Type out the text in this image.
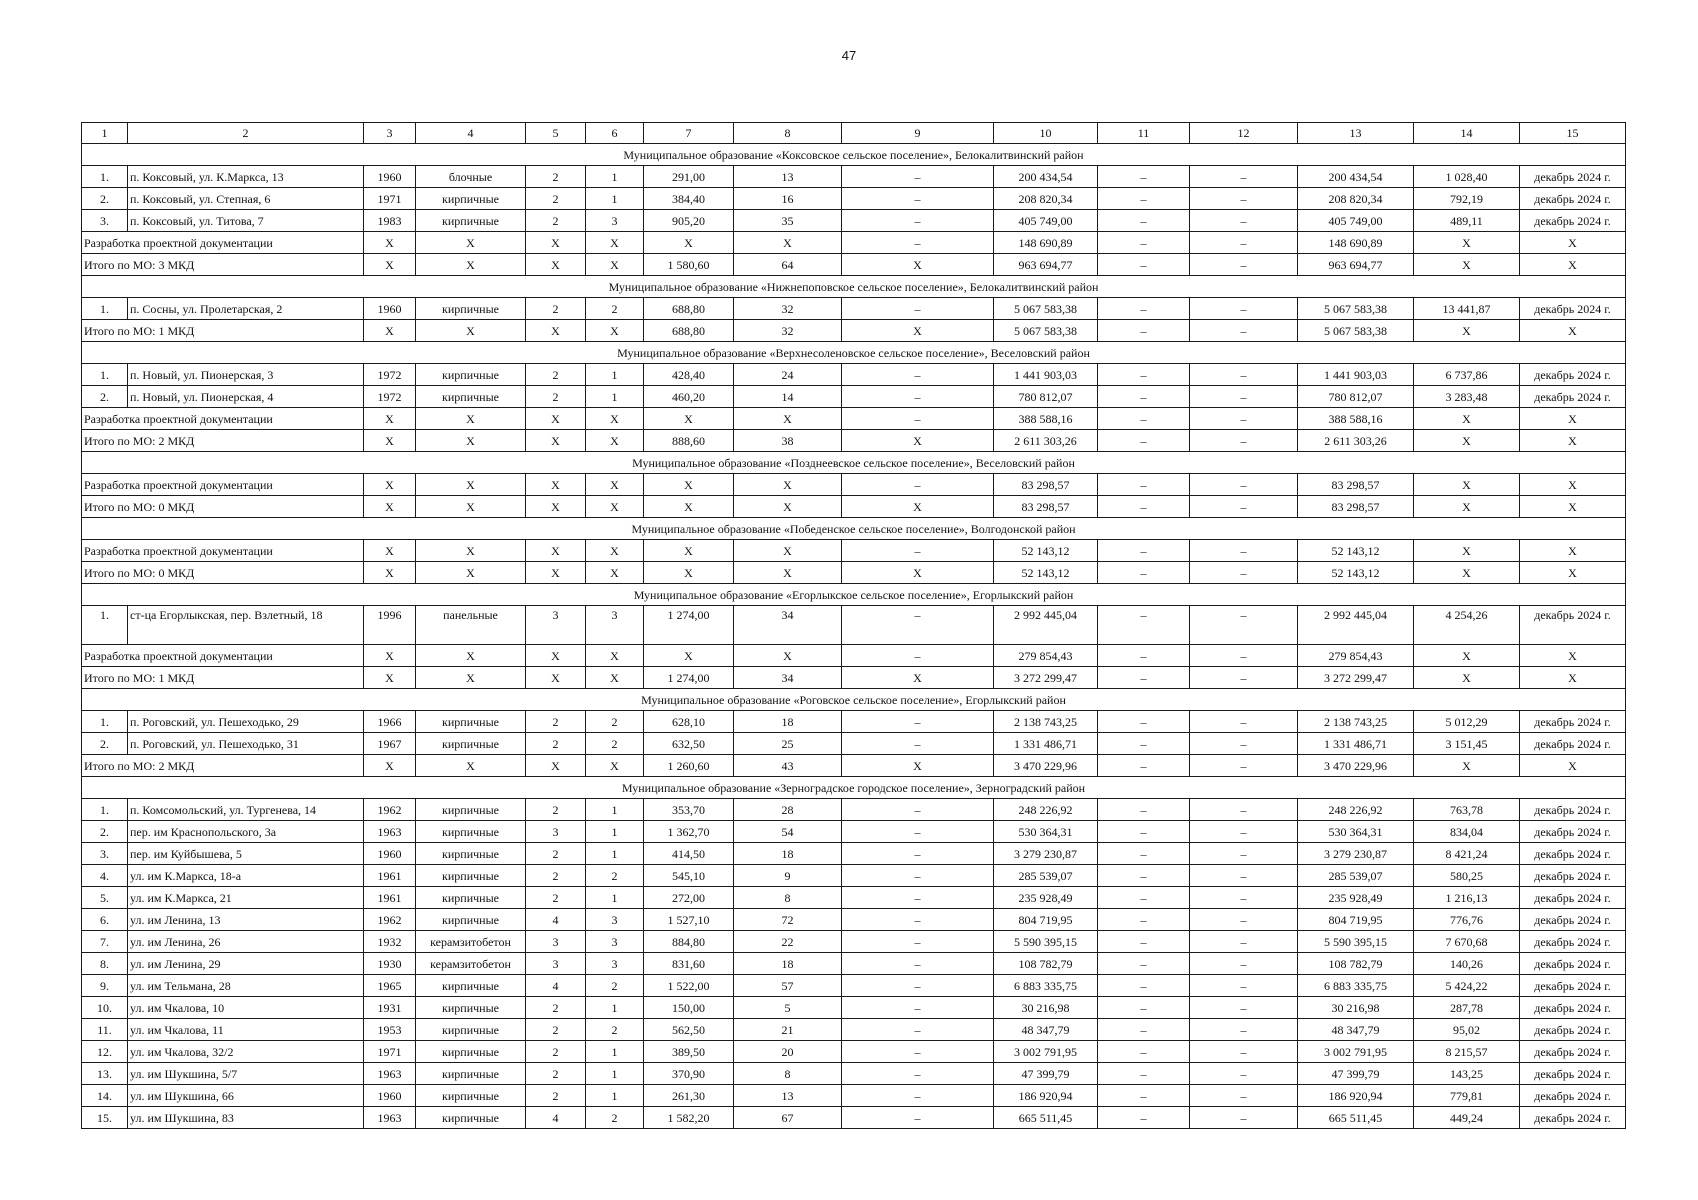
47
1	2	3	4	5	6	7	8	9	10	11	12	13	14	15
Муниципальное образование «Коксовское сельское поселение», Белокалитвинский район														
1.	п. Коксовый, ул. К.Маркса, 13	1960	блочные	2	1	291,00	13	–	200 434,54	–	–	200 434,54	1 028,40	декабрь 2024 г.
2.	п. Коксовый, ул. Степная, 6	1971	кирпичные	2	1	384,40	16	–	208 820,34	–	–	208 820,34	792,19	декабрь 2024 г.
3.	п. Коксовый, ул. Титова, 7	1983	кирпичные	2	3	905,20	35	–	405 749,00	–	–	405 749,00	489,11	декабрь 2024 г.
Разработка проектной документации		Х	Х	Х	Х	Х	Х	–	148 690,89	–	–	148 690,89	Х	Х
Итого по МО: 3 МКД		Х	Х	Х	Х	1 580,60	64	Х	963 694,77	–	–	963 694,77	Х	Х
Муниципальное образование «Нижнепоповское сельское поселение», Белокалитвинский район														
1.	п. Сосны, ул. Пролетарская, 2	1960	кирпичные	2	2	688,80	32	–	5 067 583,38	–	–	5 067 583,38	13 441,87	декабрь 2024 г.
Итого по МО: 1 МКД		Х	Х	Х	Х	688,80	32	Х	5 067 583,38	–	–	5 067 583,38	Х	Х
Муниципальное образование «Верхнесоленовское сельское поселение», Веселовский район														
1.	п. Новый, ул. Пионерская, 3	1972	кирпичные	2	1	428,40	24	–	1 441 903,03	–	–	1 441 903,03	6 737,86	декабрь 2024 г.
2.	п. Новый, ул. Пионерская, 4	1972	кирпичные	2	1	460,20	14	–	780 812,07	–	–	780 812,07	3 283,48	декабрь 2024 г.
Разработка проектной документации		Х	Х	Х	Х	Х	Х	–	388 588,16	–	–	388 588,16	Х	Х
Итого по МО: 2 МКД		Х	Х	Х	Х	888,60	38	Х	2 611 303,26	–	–	2 611 303,26	Х	Х
Муниципальное образование «Позднеевское сельское поселение», Веселовский район														
Разработка проектной документации		Х	Х	Х	Х	Х	Х	–	83 298,57	–	–	83 298,57	Х	Х
Итого по МО: 0 МКД		Х	Х	Х	Х	Х	Х	Х	83 298,57	–	–	83 298,57	Х	Х
Муниципальное образование «Победенское сельское поселение», Волгодонской район														
Разработка проектной документации		Х	Х	Х	Х	Х	Х	–	52 143,12	–	–	52 143,12	Х	Х
Итого по МО: 0 МКД		Х	Х	Х	Х	Х	Х	Х	52 143,12	–	–	52 143,12	Х	Х
Муниципальное образование «Егорлыкское сельское поселение», Егорлыкский район														
1.	ст-ца Егорлыкская, пер. Взлетный, 18	1996	панельные	3	3	1 274,00	34	–	2 992 445,04	–	–	2 992 445,04	4 254,26	декабрь 2024 г.
Разработка проектной документации		Х	Х	Х	Х	Х	Х	–	279 854,43	–	–	279 854,43	Х	Х
Итого по МО: 1 МКД		Х	Х	Х	Х	1 274,00	34	Х	3 272 299,47	–	–	3 272 299,47	Х	Х
Муниципальное образование «Роговское сельское поселение», Егорлыкский район														
1.	п. Роговский, ул. Пешеходько, 29	1966	кирпичные	2	2	628,10	18	–	2 138 743,25	–	–	2 138 743,25	5 012,29	декабрь 2024 г.
2.	п. Роговский, ул. Пешеходько, 31	1967	кирпичные	2	2	632,50	25	–	1 331 486,71	–	–	1 331 486,71	3 151,45	декабрь 2024 г.
Итого по МО: 2 МКД		Х	Х	Х	Х	1 260,60	43	Х	3 470 229,96	–	–	3 470 229,96	Х	Х
Муниципальное образование «Зерноградское городское поселение», Зерноградский район														
1.	п. Комсомольский, ул. Тургенева, 14	1962	кирпичные	2	1	353,70	28	–	248 226,92	–	–	248 226,92	763,78	декабрь 2024 г.
2.	пер. им Краснопольского, 3а	1963	кирпичные	3	1	1 362,70	54	–	530 364,31	–	–	530 364,31	834,04	декабрь 2024 г.
3.	пер. им Куйбышева, 5	1960	кирпичные	2	1	414,50	18	–	3 279 230,87	–	–	3 279 230,87	8 421,24	декабрь 2024 г.
4.	ул. им К.Маркса, 18-а	1961	кирпичные	2	2	545,10	9	–	285 539,07	–	–	285 539,07	580,25	декабрь 2024 г.
5.	ул. им К.Маркса, 21	1961	кирпичные	2	1	272,00	8	–	235 928,49	–	–	235 928,49	1 216,13	декабрь 2024 г.
6.	ул. им Ленина, 13	1962	кирпичные	4	3	1 527,10	72	–	804 719,95	–	–	804 719,95	776,76	декабрь 2024 г.
7.	ул. им Ленина, 26	1932	керамзитобетон	3	3	884,80	22	–	5 590 395,15	–	–	5 590 395,15	7 670,68	декабрь 2024 г.
8.	ул. им Ленина, 29	1930	керамзитобетон	3	3	831,60	18	–	108 782,79	–	–	108 782,79	140,26	декабрь 2024 г.
9.	ул. им Тельмана, 28	1965	кирпичные	4	2	1 522,00	57	–	6 883 335,75	–	–	6 883 335,75	5 424,22	декабрь 2024 г.
10.	ул. им Чкалова, 10	1931	кирпичные	2	1	150,00	5	–	30 216,98	–	–	30 216,98	287,78	декабрь 2024 г.
11.	ул. им Чкалова, 11	1953	кирпичные	2	2	562,50	21	–	48 347,79	–	–	48 347,79	95,02	декабрь 2024 г.
12.	ул. им Чкалова, 32/2	1971	кирпичные	2	1	389,50	20	–	3 002 791,95	–	–	3 002 791,95	8 215,57	декабрь 2024 г.
13.	ул. им Шукшина, 5/7	1963	кирпичные	2	1	370,90	8	–	47 399,79	–	–	47 399,79	143,25	декабрь 2024 г.
14.	ул. им Шукшина, 66	1960	кирпичные	2	1	261,30	13	–	186 920,94	–	–	186 920,94	779,81	декабрь 2024 г.
15.	ул. им Шукшина, 83	1963	кирпичные	4	2	1 582,20	67	–	665 511,45	–	–	665 511,45	449,24	декабрь 2024 г.
